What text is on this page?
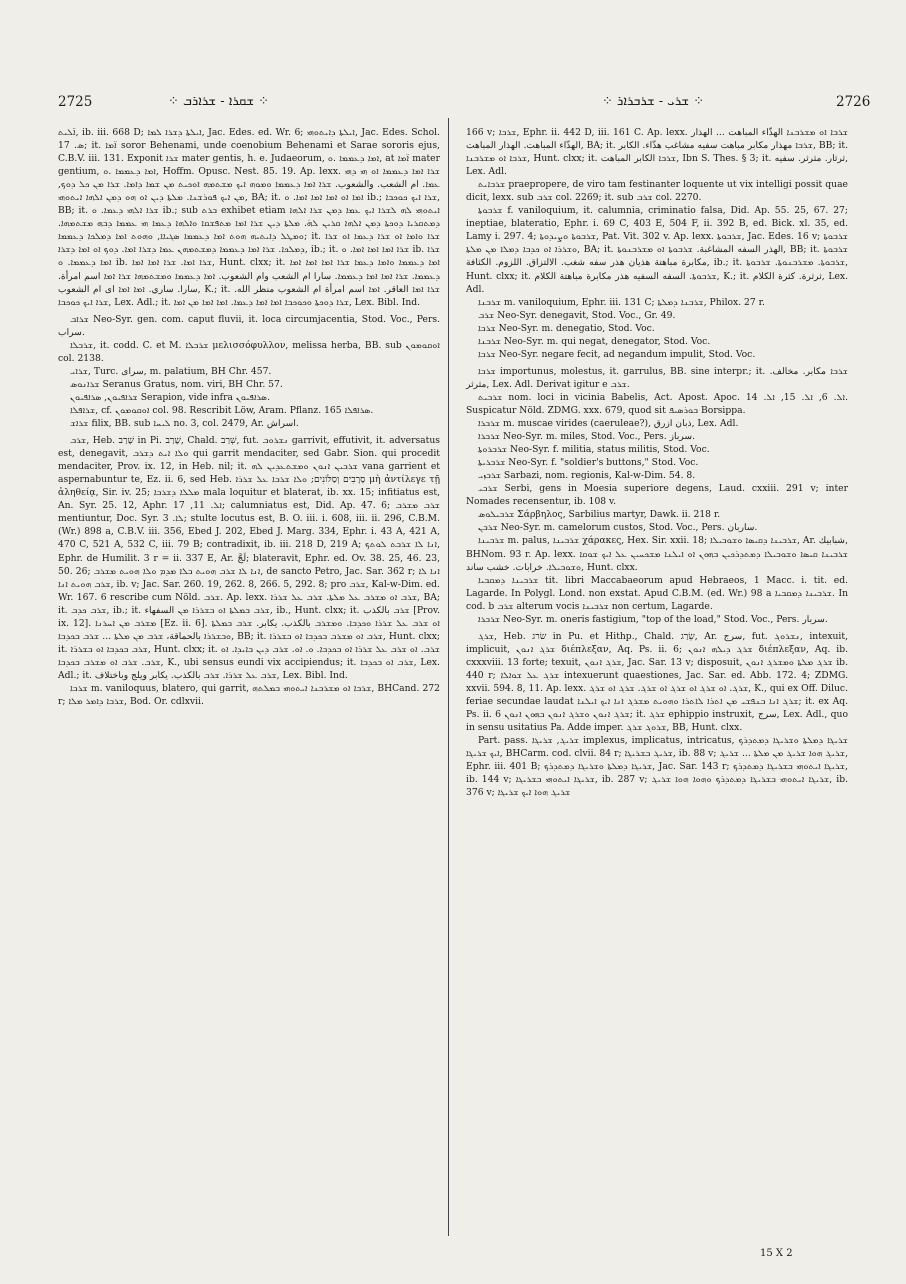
2725	⁘ ܫܩܪܐ - ܫܪܐܪܒ ⁘	⁘ ܫܪܝ - ܫܪܒܪܐܪ ⁘	2726

ܐ̈ܠܝܬ, ib. iii. 668 D; ܐܝܠܬܐ ܕܫܪܐ ܠܡܐ, Jac. Edes. ed. Wr. 6; ܐܝܠܬܐ ܕܐܝܬܘܗܝ, Jac. Edes. Schol. ܣ. 17; it. ܐ̈ܡܐ soror Behenami, unde coenobium Behenami et Sarae sororis ejus, C.B.V. iii. 131. Exponit ܫܪܐ mater gentis, h. e. Judaeorum, ܐܡܐ ܕܥܡܡܐ .ܘ, at ܐ̈ܡܐ mater gentium, ܐܡܐ ܕܥܡܡܐ .ܘ, Hoffm. Opusc. Nest. 85. 19. Ap. lexx. ܫܪܐ ܐܡܐ ܕܥܡܡܐ ܐܘ ܗܝ ܕܗܝ ܥܡܐ. ام الشعب. والشعوب. ܫܪܐ ܐܡܐ ܕܥܡܡܐ ܘܡܘܗ ܐܝܟ ܡܫܬܡܗ ܐܘܟܝܬ ܡܢ ܫܡܐ ܕܐܡܐ. ܫܪܐ ܡܢ ܟܠ ܕܘܟ, ܡܢ ܐܝܟ ܦܘܪܫܢܐ. ܡܠܬܐ ܕܝܢ ܐܘ ܗܘ ܕܡܢ ܐܠܗܐ ܐܝܬܘܗܝ, BA; it. ܐܡܐ ܐܘ ܐܡܐ ܐܡܐ ܐܡܐ. ܘ ib.; ܫܪܐ ܐܝܟ ܟܘܟܒܐ, BB; it. ܫܪܐ ܐܠܗܝ ܕܥܡܐ. ܘ ib.; sub ܒܪܬ exhibet etiam ܐܝܬܘܗܝ ܠܗ ܠܫܪܐ ܐܝܟ ܥܡܐ ܕܡܢ ܫܪܐ ܐܠܗܐ ܕܡܬܩܪܝܐ ܕܘܟܬܐ ܕܡܢ ܐܠܗܐ ܩܪܝܢ ܠܗܿ. ܡܠܬܐ ܕܝܢ ܫܪܐ ܐܡܐ ܡܬܦܫܩܐ ܘܐܠܗܐ ܕܥܡܐ ܗܝ ܥܡܡܐ ܕܒܗ ܡܫܬܡܗܐ. ܘܡܛܠ ܕܐܝܬܝܗ ܗܘܬ ܐܡܐ ܕܥܡܡܐ ܣܓܝܐܐ, ܘܗܘܬ ܐܡܐ ܕܡܠܟܐ ܕܥܡܡܐ; it. ܫܪܐ ܘܐܡܐ ܐܘ ܫܪܐ ܕܥܡܐ ܐܘ ܫܪܐ ܕܡܠܟܐ. ܫܪܐ ܐܡܐ ܕܥܡܡܐ ܕܡܫܬܡܗܢ ܥܡܐ ܕܫܪܐ ܐܡܐ. ܕܘܟ ܐܘ ܐܡܐ ܕܫܪܐ, ib.; it. ܫܪܐ ܐܡܐ ܐܡܐ ܐܡܐ. ܘ ib. ܫܪܐ ܐܡܐ ܕܥܡܡܐ. ܘ ib. ܫܪܐ ܐܡܐ. ܫܪܐ ܐܡܐ ܐܡܐ, Hunt. clxx; it. ܐܡܐ ܕܥܡܡܐ ܘܐܡܐ ܕܥܡܐ ܫܪܐ ܐܡܐ ܐܡܐ ܐܡܐ ܕܥܡܡܐ. ܫܪܐ ܐܡܐ ܐܡܐ ܕܥܡܡܐ. سارا ام الشعب وام الشعوب. ܐܡܐ ܕܥܡܡܐ ܘܡܫܬܡܗܐ ܫܪܐ ܐܡܐ اسم امرأة. سارا. ساري. ܐܡܐ ܐܡܐ اى ام الشعوب, K.; it. ܫܪܐ ܐܡܐ العاقر. ܐܡܐ اسم امرأة ام الشعوب منظر الله. ܫܪܐ ܐܝܟ ܟܘܟܒܐ, Lex. Adl.; it. ܫܪܐ ܕܘܟܬܐ ܘܟܘܟܒܐ ܐܡܐ ܐܡܐ ܕܥܡܐ. ܐܡܐ ܐܡܐ ܡܢ ܐܡܐ, Lex. Bibl. Ind.

ܫܪܐܒ Neo-Syr. gen. com. caput fluvii, it. loca circumjacentia, Stod. Voc., Pers. سراب.

ܫܪܒܠܐ, it. codd. C. et M. ܫܪܒܠܐ μελισσόφυλλον, melissa herba, BB. sub ܐܘܩܘܡܘܢ col. 2138.

ܫܪܐܝ, Turc. سراى, m. palatium, BH Chr. 457.

ܫܪܐܢܘܣ Seranus Gratus, nom. viri, BH Chr. 57.

ܫܪܐܦܝܘܢ, ܣܪܐܦܝܘܢ Serapion, vide infra ܣܪܐܦܝܘܢ.

ܫܪܐܦܠܐ, cf. ܐܘܩܘܡܘܢ col. 98. Rescribit Löw, Aram. Pflanz. 165 ܣܪܐܦܠܐ.

ܫܪܐܫ filix, BB. sub ܠܝܚܐ no. 3, col. 2479, Ar. اسراش.

ܫܪܒ, Heb. שָׁרַב in Pi. שָׁרַב, Chald. שְׁרַב, fut. ܢܫܪܘܒ garrivit, effutivit, it. adversatus est, denegavit, ܘܠܐ ܐܝܬ ܕܫܪܒ qui garrit mendaciter, sed Gabr. Sion. qui procedit mendaciter, Prov. ix. 12, in Heb. nil; it. ܫܪܒܝܢ ܐܢܘܢ ܘܡܫܬܥܕܝܢ ܠܗ vana garrient et aspernabuntur te, Ez. ii. 6, sed Heb. סָרָבִים וְסַלּוֹנִים; ܘܠܐ ܫܪܒܐ ܥܠ ܫܪܪܐ μὴ ἀντίλεγε τῇ ἀληθείᾳ, Sir. iv. 25; ܡܠܠܐ ܕܫܪܒܐ mala loquitur et blaterat, ib. xx. 15; infitiatus est, An. Syr. 25. 12, Aphr. ܐܠ. 11, 17; calumniatus est, Did. Ap. 47. 6; ܫܪܒ ܡܫܪܒ mentiuntur, Doc. Syr. ܠܐ. 3; stulte locutus est, B. O. iii. i. 608, iii. ii. 296, C.B.M. (Wr.) 898 a, C.B.V. iii. 356, Ebed J. 202, Ebed J. Marg. 334, Ephr. i. 43 A, 421 A, 470 C, 521 A, 532 C, iii. 79 B; contradixit, ib. iii. 218 D, 219 A; ܐܢܐ ܠܐ ܫܪܒܬ ܠܘܬܟ, Ephr. de Humilit. 3 r = ii. 337 E, Ar. لَجَّ; blateravit, Ephr. ed. Ov. 38. 25, 46. 23, 50. 26; ܐܢܐ ܠܐ ܫܪܒ ܗܘܝܬ ܒܠܐ ܡܕܡ ܘܠܐ ܗܘܝܬ ܡܫܪܒ, de sancto Petro, Jac. Sar. 362 r; ܐܢܐ ܠܐ ܫܪܒ ܗܘܝܬ ܐܢܐ, ib. v; Jac. Sar. 260. 19, 262. 8, 266. 5, 292. 8; pro ܫܪܒ, Kal-w-Dim. ed. Wr. 167. 6 rescribe cum Nöld. ܫܪܒ. Ap. lexx. ܫܪܒ ܐܘ ܡܫܪܒ ܥܠ ܡܠܬܐ. ܫܪܒ ܥܠ ܫܪܪܐ, BA; it. ܫܪܒ ܟܕܒ, ib.; it. ܫܪܒ ܒܡܠܬܐ ܐܘ ܒܫܪܪܐ ܡܢ السفهاء, ib., Hunt. clxx; it. ܫܪܒ بالكذب [Prov. ix. 12]. ܡܫܪܒ ܡܢ ܐܚܪܢܐ [Ez. ii. 6]. ܐܘ ܫܪܒ ܥܠ ܫܪܪܐ ܘܟܕܒܐ. ܘܡܫܪܒ بالكذب. يكابر. ܫܪܒ ܒܡܠܬܐ ܘܒܫܪܪܐ بالحماقة، ܫܪܒ ܡܢ ܡܠܬܐ ... ܫܪܒ ܒܟܕܒܐ, BB; it. ܫܪܒ ܐܘ ܡܫܪܒ ܒܟܕܒܐ ܐܘ ܒܫܪܪܐ, Hunt. clxx; it. ܫܪܒ ܒܟܕܒܐ ܐܘ ܒܫܪܪܐ, Hunt. clxx; it. ܫܪܒ. ܐܘ ܫܪܒ ܥܠ ܫܪܪܐ ܐܘ ܒܟܕܒܐ. ܘ. ܐܘ. ܫܪܒ ܕܝܢ ܒܐܝܕܐ. ܐܘ ܫܪܒ. ܫܪܒ ܐܘ ܡܫܪܒ ܒܟܕܒܐ, K., ubi sensus eundi vix accipiendus; it. ܫܪܒ ܐܘ ܒܟܕܒܐ, Lex. Adl.; it. ܫܪܒ ܥܠ ܫܪܪܐ. ܫܪܒ بالكذب. يكابر ويلج وباختلاف, Lex. Bibl. Ind.

ܫܪܒܐ m. vaniloquus, blatero, qui garrit, ܫܪܒܐ ܐܘ ܡܫܪܒܢܐ ܐܝܬܘܗܝ ܒܡܠܬܗ, BHCand. 272 r; ܫܪܒܐ ܕܐܡܪ ܡܠܐ, Bod. Or. cdlxvii.

166 v; ܫܪܒܐ, Ephr. ii. 442 D, iii. 161 C. Ap. lexx. ܫܪܒܐ ܐܘ ܡܫܪܒܢܐ الهذّاء المباهت ... الهذار الهذّاء المباهت. الهذار المباهت, BA; it. ܫܪܒܐ مهذار مكابر مباهت سفيه مشاغب هذّاء. الكابر, BB; it. ܫܪܒܐ ܐܘ ܡܫܪܒܢܐ, Hunt. clxx; it. ܫܪܒܐ الكابر المباهت, Ibn S. Thes. § 3; it. ثرثار. مثرثر. سفيه, Lex. Adl.

ܫܪܒܐܝܬ praepropere, de viro tam festinanter loquente ut vix intelligi possit quae dicit, lexx. sub ܫܪܒ col. 2269; it. sub ܫܪܒ col. 2270.

ܫܪܒܘܬܐ f. vaniloquium, it. calumnia, criminatio falsa, Did. Ap. 55. 25, 67. 27; ineptiae, blateratio, Ephr. i. 69 C, 403 E, 504 F, ii. 392 B, ed. Bick. xl. 35, ed. Lamy i. 297. 4; ܫܪܒܘܬܐ ܘܨܝܕܘܬܐ, Pat. Vit. 302 v. Ap. lexx. ܫܪܒܘܬܐ, Jac. Edes. 16 v; ܫܪܒܘܬܐ ܘܫܪܪܐ ܐܘ ܟܕܒܐ ܕܡܠܐ ܡܢ ܡܠܬܐ, BA; it. الهذر السفه المشاغبة. ܫܪܒܘܬܐ ܐܘ ܡܫܪܒܢܘܬܐ, BB; it. ܫܪܒܘܬܐ مكابرة مباهتة هذيان هذر سفه شغب. الالتزاق. اللزوم. الكثافة, ib.; it. ܫܪܒܘܬܐ. ܡܫܪܒܢܘܬܐ. ܫܪܒܘܬܐ, Hunt. clxx; it. ܫܪܒܘܬܐ. السفه السفيه هذر مكابرة مباهتة الكلام, K.; it. ثرثرة. كثرة الكلام, Lex. Adl.

ܫܪܒܢܐ m. vaniloquium, Ephr. iii. 131 C; ܫܪܒܢܐ ܕܡܠܬܐ, Philox. 27 r.

ܫܪܒ Neo-Syr. denegavit, Stod. Voc., Gr. 49.

ܫܪܒܐ Neo-Syr. m. denegatio, Stod. Voc.

ܫܪܒܢܐ Neo-Syr. m. qui negat, denegator, Stod. Voc.

ܫܪܒܐ Neo-Syr. negare fecit, ad negandum impulit, Stod. Voc.

ܫܪܒܐ importunus, molestus, it. garrulus, BB. sine interpr.; it. ܫܪܒܐ مكابر. مخالف. مثرثر, Lex. Adl. Derivat igitur e ܫܪܒ.

ܫܪܒܝܬ nom. loci in vicinia Babelis, Act. Apost. Apoc. ܐܠ. 6, ܐܠ. 15, ܐܠ. 14. Suspicatur Nöld. ZDMG. xxx. 679, quod sit ܒܘܪܣܝܦ Borsippa.

ܫܪܒܪܐ m. muscae virides (caeruleae?), ذبان ازرق, Lex. Adl.

ܫܪܒܪܐ Neo-Syr. m. miles, Stod. Voc., Pers. سرباز.

ܫܪܒܪܘܬܐ Neo-Syr. f. militia, status militis, Stod. Voc.

ܫܪܒܪܝܬܐ Neo-Syr. f. "soldier's buttons," Stod. Voc.

ܫܪܒܙܝ Sarbazi, nom. regionis, Kal-w-Dim. 54. 8.

ܫܪܒܝ Serbi, gens in Moesia superiore degens, Laud. cxxiii. 291 v; inter Nomades recensentur, ib. 108 v.

ܫܪܒܝܠܘܣ Σάρβηλος, Sarbilius martyr, Dawk. ii. 218 r.

ܫܪܒܢ Neo-Syr. m. camelorum custos, Stod. Voc., Pers. ساربان.

ܫܪܒܝܢܐ m. palus, ܫܪܒܝܢܐ χάρακες, Hex. Sir. xxii. 18; ܫܪܒܝܢܐ ܕܩܝܣܐ ܘܫܘܒܝܠܐ, Ar. شبابيك, BHNom. 93 r. Ap. lexx. ܫܪܒܝܢܐ ܩܝܣܐ ܘܫܘܒܝܠܐ ܕܡܬܕܪܟܝܢ ܒܗܘܢ ܐܘ ܐܝܠܢܐ ܡܫܟܚܝܢ ܥܠ ܐܝܟ ܫܘܩܐ ܘܫܘܒܝܠܐ. خرابات. خشب ساند, Hunt. clxx.

ܫܪܒܝܢܐ ܕܡܩܒܝܐ tit. libri Maccabaeorum apud Hebraeos, 1 Macc. i. tit. ed. Lagarde. In Polygl. Lond. non exstat. Apud C.B.M. (ed. Wr.) 98 a ܫܪܒܝܢܐ ܕܡܩܒܝܐ. In cod. b ܫܪܒ alterum vocis ܫܪܒܝܢܐ non certum, Lagarde.

ܫܪܒܪܐ Neo-Syr. m. oneris fastigium, "top of the load," Stod. Voc., Pers. سربار.

ܫܪܓ, Heb. שׂרג in Pu. et Hithp., Chald. שְׂרַג, Ar. سرج, fut. ܢܫܪܘܓ, intexuit, implicuit, ܫܪܓ ܐܢܘܢ διέπλεξαν, Aq. Ps. ii. 6; ܫܪܓ ܕܝܠܗ ܐܢܘܢ διέπλεξαν, Aq. ib. cxxxviii. 13 forte; texuit, ܫܪܓ ܐܢܘܢ, Jac. Sar. 13 v; disposuit, ܫܪܓ ܡܠܬܐ ܘܡܫܪܓ ܐܢܘܢ ib. 440 r; ܫܪܓ ܥܠ ܫܘܐܠܐ intexuerunt quaestiones, Jac. Sar. ed. Abb. 172. 4; ZDMG. xxvii. 594. 8, 11. Ap. lexx. ܫܪܓ. ܐܘ ܫܪܓ ܐܘ ܫܪܓ ܐܘ ܫܪܓ. ܫܪܓ ܐܘ ܫܪܓ, K., qui ex Off. Diluc. feriae secundae laudat ܫܪܓ ܐܢܐ ܒܢܦܫܝ ܡܢ ܐܬܪܐ ܠܐܬܪܐ ܘܗܘܝܬ ܡܫܪܓ ܐܢܐ ܐܝܟ ܐܝܠܢܐ; it. ex Aq. Ps. ii. 6 ܫܪܓ ܐܢܘܢ ܘܫܪܓ ܐܢܘܢ ܒܗܘܢ ܐܢܘܢ; it. ܫܪܓ ephippio instruxit, سرج, Lex. Adl., quo in sensu usitatius Pa. Adde imper. ܫܪܘܓ ܫܪܓ, BB, Hunt. clxx.

Part. pass. ܫܪܝܓ, ܫܪܝܓܐ implexus, implicatus, intricatus, ܫܪܝܓܐ ܕܡܠܬܐ ܘܫܪܝܓܐ ܕܡܬܕܪܟ ܐܝܟ ܫܪܝܓܐ, BHCarm. cod. clvii. 84 r; ܫܪܝܓ ܒܫܪܝܓܐ, ib. 88 v; ܫܪܝܓ ܗܘܐ ܫܪܝܓ ܡܢ ܡܠܬܐ ... ܫܪܝܓ, Ephr. iii. 401 B; ܫܪܝܓܐ ܕܡܠܬܐ ܘܫܪܝܓܐ ܕܡܬܕܪܟ, Jac. Sar. 143 r; ܫܪܝܓܐ ܐܝܬܘܗܝ ܒܫܪܝܓܐ ܕܡܬܕܪܟ, ib. 144 v; ܫܪܝܓܐ ܐܝܬܘܗܝ ܒܫܪܝܓܐ, ib. 287 v; ܫܪܝܓܐ ܐܝܬܘܗܝ ܒܫܪܝܓܐ ܕܡܬܕܪܟ ܘܗܘܐ ܗܘܐ ܫܪܝܓ, ib. 376 v; ܫܪܝܓ ܗܘܐ ܐܝܟ ܫܪܝܓܐ

15 X 2
